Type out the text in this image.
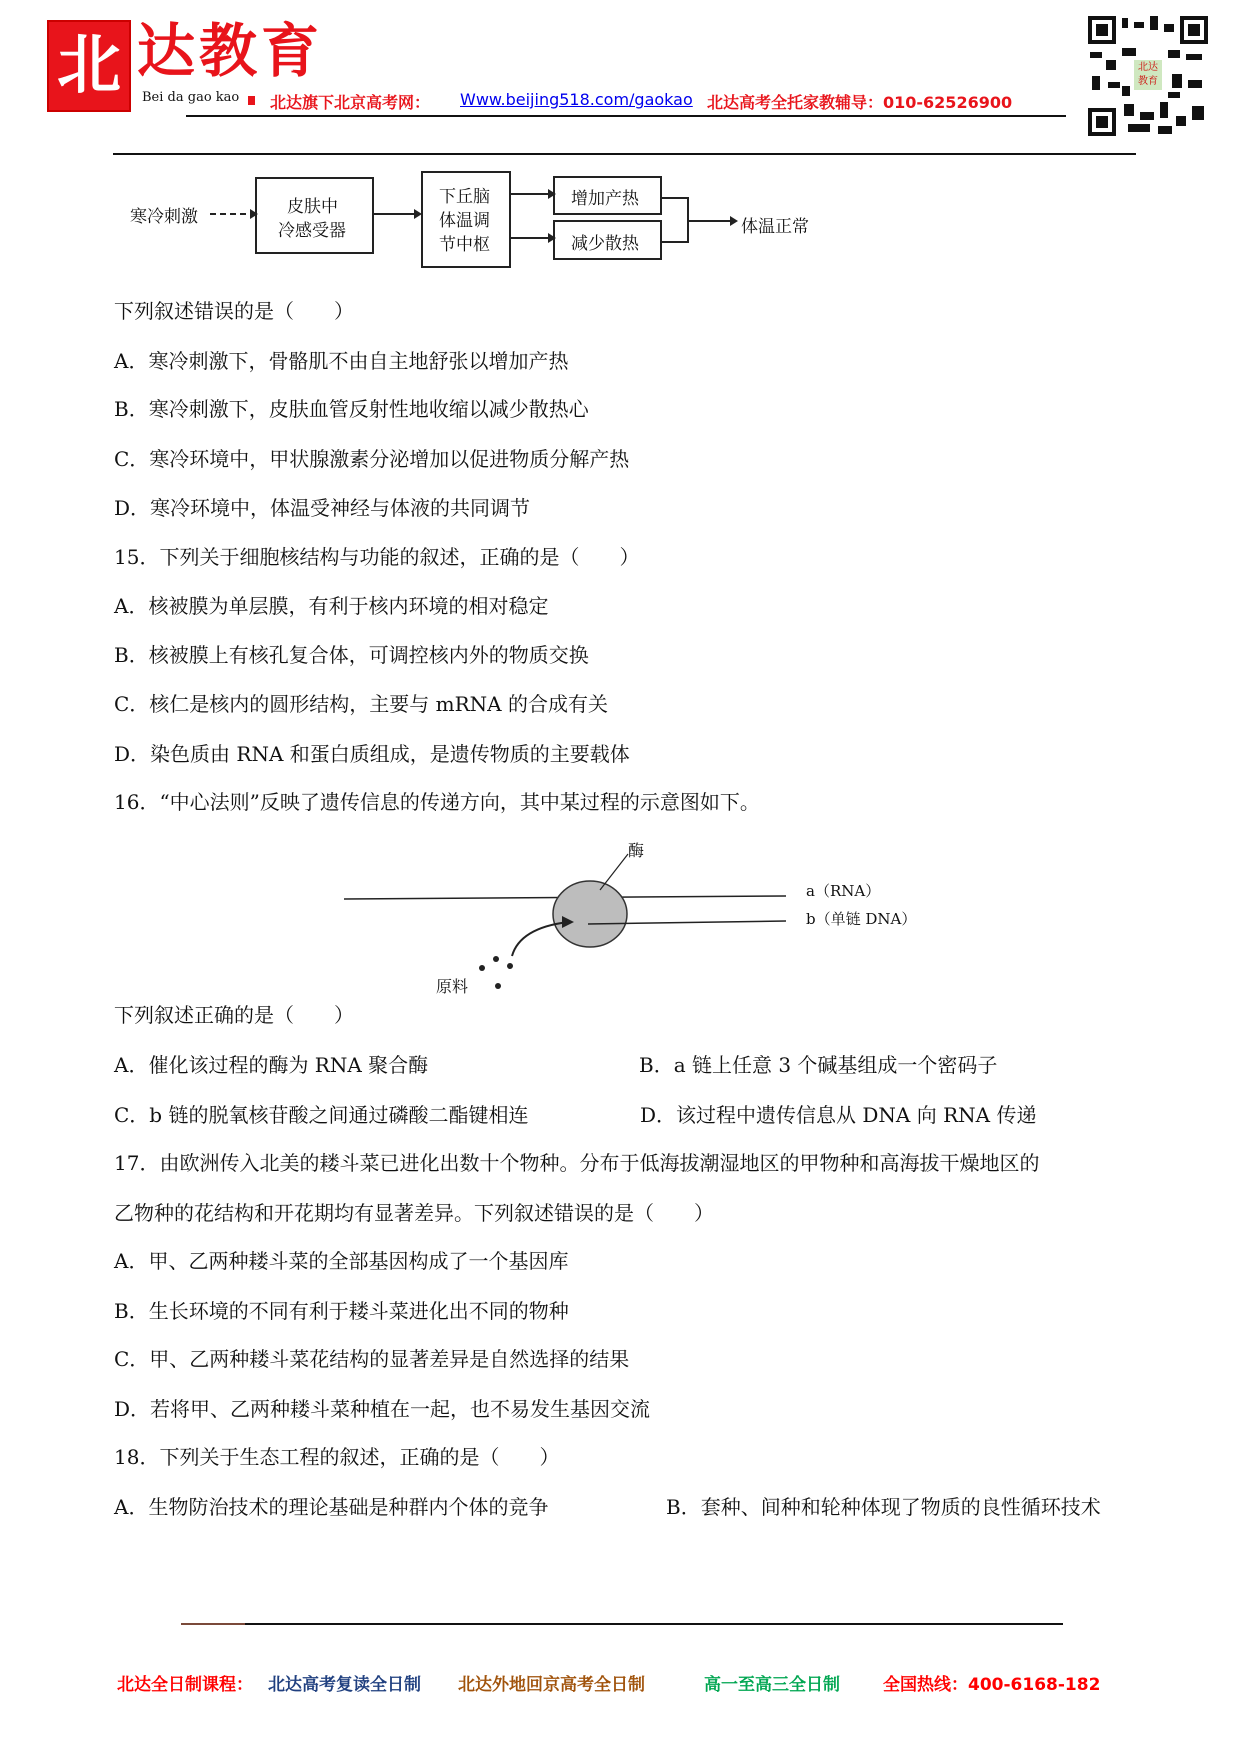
北 达教育
Bei da gao kao 北达旗下北京高考网： Www.beijing518.com/gaokao 北达高考全托家教辅导：010-62526900
北达教育
寒冷刺激	皮肤中
冷感受器
下丘脑
体温调
节中枢
增加产热
减少散热
体温正常
下列叙述错误的是（　　）
A．寒冷刺激下，骨骼肌不由自主地舒张以增加产热
B．寒冷刺激下，皮肤血管反射性地收缩以减少散热心
C．寒冷环境中，甲状腺激素分泌增加以促进物质分解产热
D．寒冷环境中，体温受神经与体液的共同调节
15．下列关于细胞核结构与功能的叙述，正确的是（　　）
A．核被膜为单层膜，有利于核内环境的相对稳定
B．核被膜上有核孔复合体，可调控核内外的物质交换
C．核仁是核内的圆形结构，主要与 mRNA 的合成有关
D．染色质由 RNA 和蛋白质组成，是遗传物质的主要载体
16．“中心法则”反映了遗传信息的传递方向，其中某过程的示意图如下。
酶
a（RNA）
b（单链 DNA）
原料
下列叙述正确的是（　　）
A．催化该过程的酶为 RNA 聚合酶	B．a 链上任意 3 个碱基组成一个密码子
C．b 链的脱氧核苷酸之间通过磷酸二酯键相连	D．该过程中遗传信息从 DNA 向 RNA 传递
17．由欧洲传入北美的耧斗菜已进化出数十个物种。分布于低海拔潮湿地区的甲物种和高海拔干燥地区的
乙物种的花结构和开花期均有显著差异。下列叙述错误的是（　　）
A．甲、乙两种耧斗菜的全部基因构成了一个基因库
B．生长环境的不同有利于耧斗菜进化出不同的物种
C．甲、乙两种耧斗菜花结构的显著差异是自然选择的结果
D．若将甲、乙两种耧斗菜种植在一起，也不易发生基因交流
18．下列关于生态工程的叙述，正确的是（　　）
A．生物防治技术的理论基础是种群内个体的竞争	B．套种、间种和轮种体现了物质的良性循环技术
北达全日制课程： 北达高考复读全日制 北达外地回京高考全日制	高一至高三全日制	全国热线：400-6168-182
